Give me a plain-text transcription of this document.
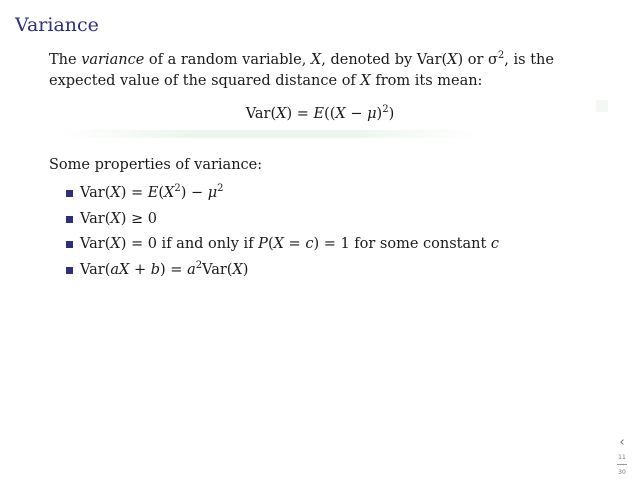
Variance
The variance of a random variable, X, denoted by Var(X) or $\sigma^2$, is the expected value of the squared distance of X from its mean:
$Var(X) = E((X - \mu)^2)$
Some properties of variance:
$Var(X) = E(X^2) - \mu^2$
Var(X) ≥ 0
Var(X) = 0 if and only if P(X = c) = 1 for some constant c
$Var(aX + b) = a^2Var(X)$
‹
11
30
